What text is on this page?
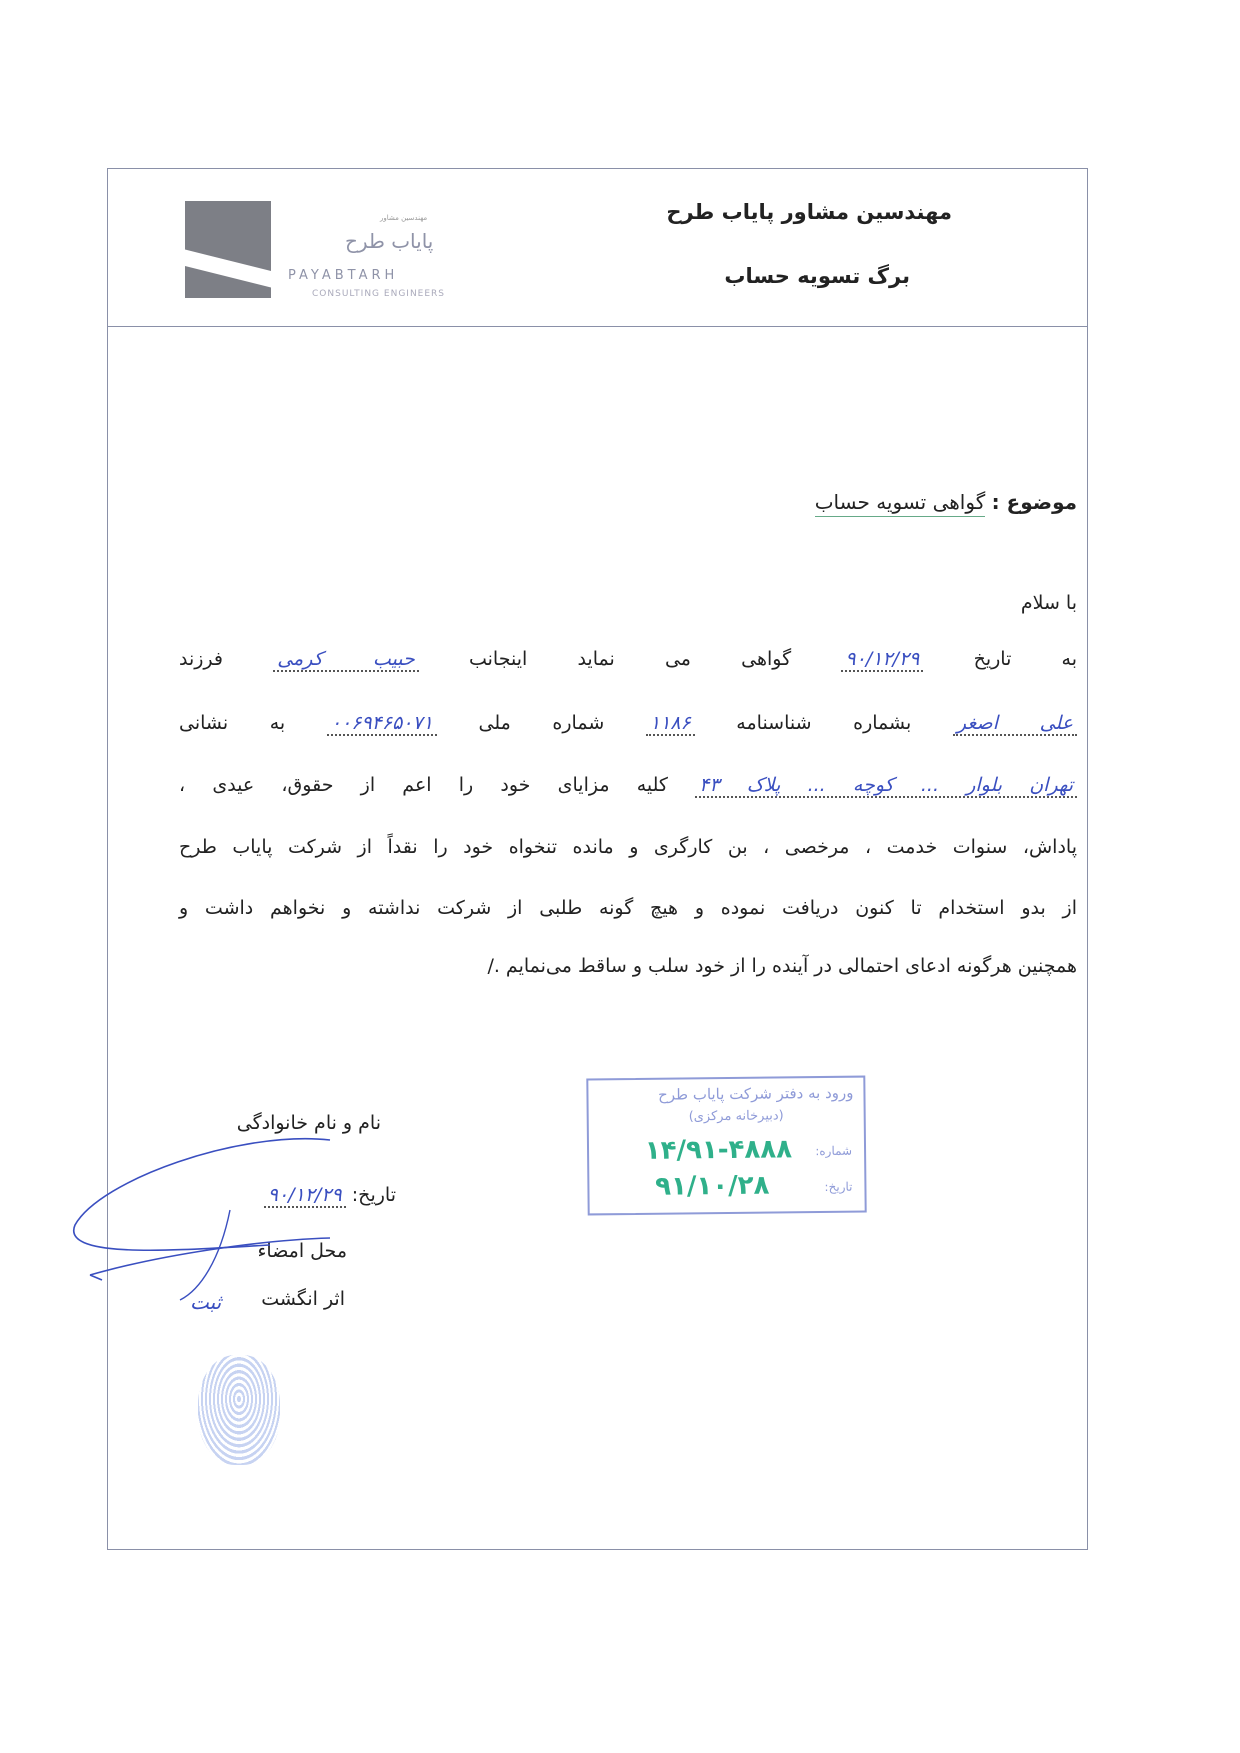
مهندسین مشاور پایاب طرح
برگ تسویه حساب
مهندسین مشاور
پایاب طرح
PAYABTARH
CONSULTING ENGINEERS
موضوع : گواهی تسویه حساب
با سلام
به تاریخ ۹۰/۱۲/۲۹ گواهی می نماید اینجانب حبیب کرمی فرزند
علی اصغر بشماره شناسنامه ۱۱۸۶ شماره ملی ۰۰۶۹۴۶۵۰۷۱ به نشانی
تهران بلوار ... کوچه ... پلاک ۴۳ کلیه مزایای خود را اعم از حقوق، عیدی ،
پاداش، سنوات خدمت ، مرخصی ، بن کارگری و مانده تنخواه خود را نقداً از شرکت پایاب طرح
از بدو استخدام تا کنون دریافت نموده و هیچ گونه طلبی از شرکت نداشته و نخواهم داشت و
همچنین هرگونه ادعای احتمالی در آینده را از خود سلب و ساقط می‌نمایم ./
ورود به دفتر شرکت پایاب طرح
(دبیرخانه مرکزی)
شماره:
۱۴/۹۱-۴۸۸۸
تاریخ:
۹۱/۱۰/۲۸
نام و نام خانوادگی
تاریخ: ۹۰/۱۲/۲۹
محل امضاء
اثر انگشت
ثبت
